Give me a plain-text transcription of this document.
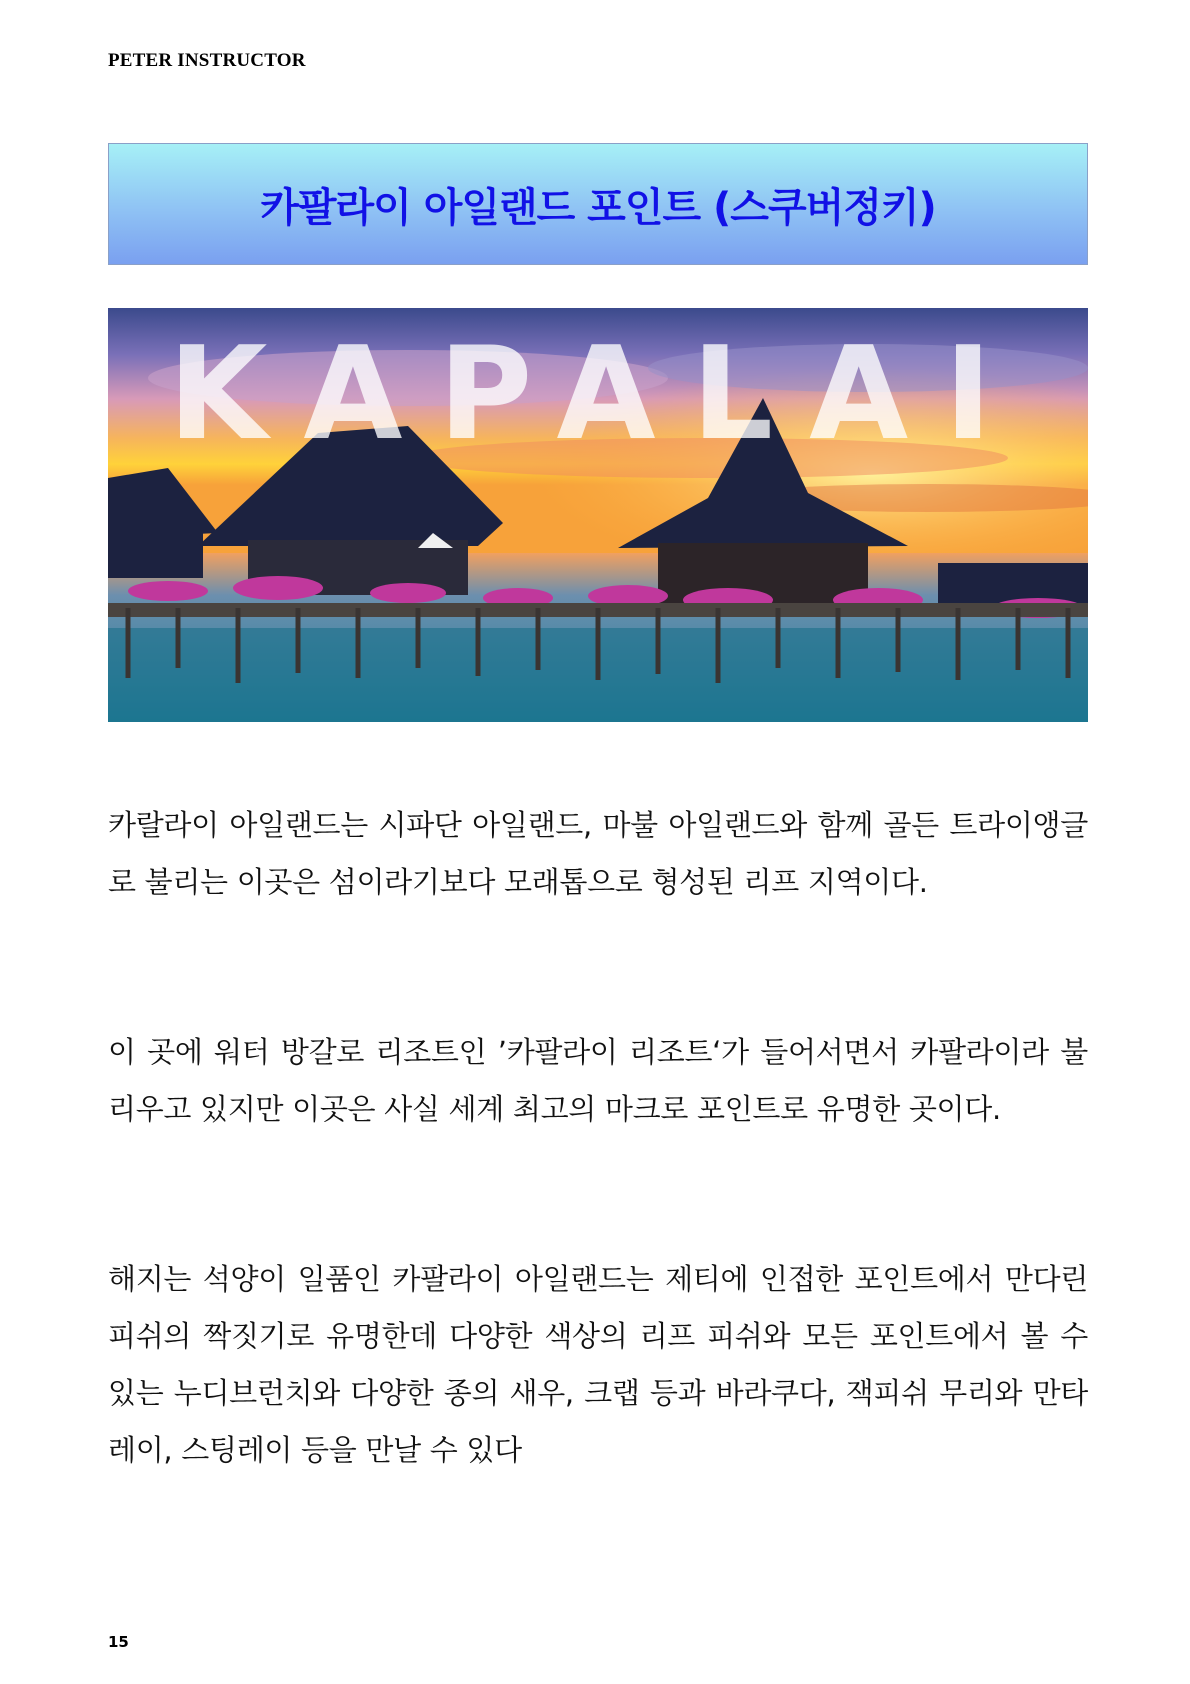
PETER INSTRUCTOR
카팔라이 아일랜드 포인트 (스쿠버정키)
KAPALAI

카랄라이 아일랜드는 시파단 아일랜드, 마불 아일랜드와 함께 골든 트라이앵글로 불리는 이곳은 섬이라기보다 모래톱으로 형성된 리프 지역이다.

이 곳에 워터 방갈로 리조트인 ’카팔라이 리조트‘가 들어서면서 카팔라이라 불리우고 있지만 이곳은 사실 세계 최고의 마크로 포인트로 유명한 곳이다.

해지는 석양이 일품인 카팔라이 아일랜드는 제티에 인접한 포인트에서 만다린 피쉬의 짝짓기로 유명한데 다양한 색상의 리프 피쉬와 모든 포인트에서 볼 수 있는 누디브런치와 다양한 종의 새우, 크랩 등과 바라쿠다, 잭피쉬 무리와 만타레이, 스팅레이 등을 만날 수 있다

15
